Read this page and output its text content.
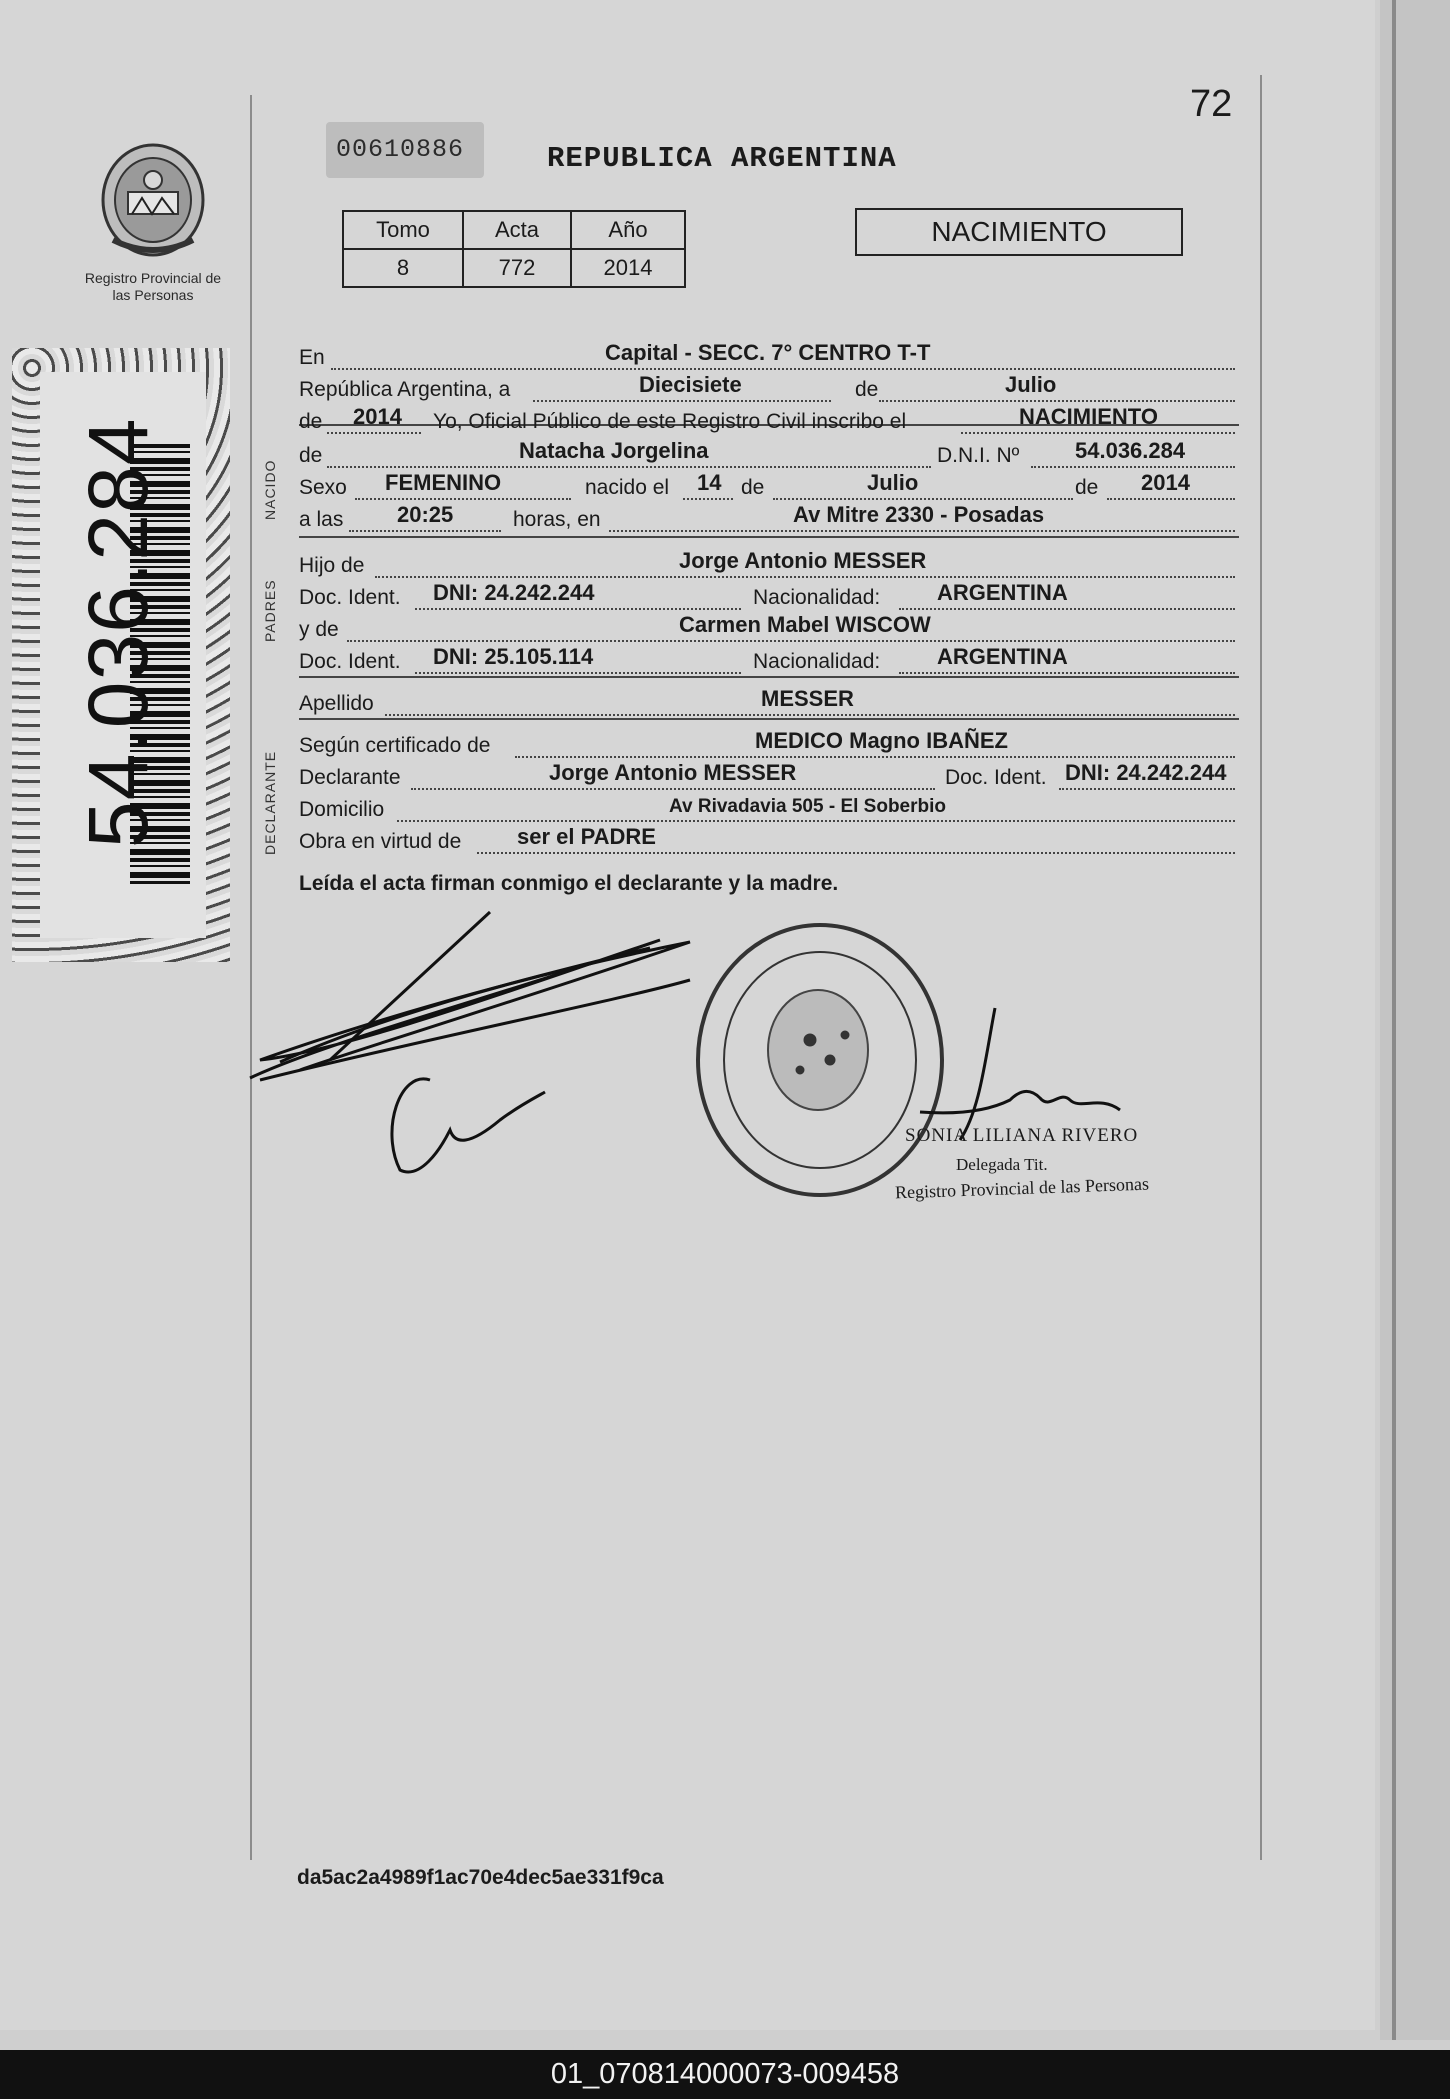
Registro Provincial de las Personas
54.036.284
00610886	REPUBLICA ARGENTINA
72
Tomo	Acta	Año
8	772	2014
NACIMIENTO
NACIDO
PADRES
DECLARANTE
En	Capital - SECC. 7° CENTRO T-T
República Argentina, a	Diecisiete	de	Julio
de 2014 Yo, Oficial Público de este Registro Civil inscribo el	NACIMIENTO
de	Natacha Jorgelina	D.N.I. Nº	54.036.284
Sexo FEMENINO	nacido el 14 de	Julio	de 2014
a las 20:25	horas, en	Av Mitre 2330 - Posadas
Hijo de	Jorge Antonio MESSER
Doc. Ident. DNI: 24.242.244	Nacionalidad:	ARGENTINA
y de	Carmen Mabel WISCOW
Doc. Ident. DNI: 25.105.114	Nacionalidad:	ARGENTINA
Apellido	MESSER
Según certificado de	MEDICO Magno IBAÑEZ
Declarante	Jorge Antonio MESSER	Doc. Ident. DNI: 24.242.244
Domicilio	Av Rivadavia 505 - El Soberbio
Obra en virtud de	ser el PADRE
Leída el acta firman conmigo el declarante y la madre.
SONIA LILIANA RIVERO
Delegada Tit.
Registro Provincial de las Personas
da5ac2a4989f1ac70e4dec5ae331f9ca
01_070814000073-009458
